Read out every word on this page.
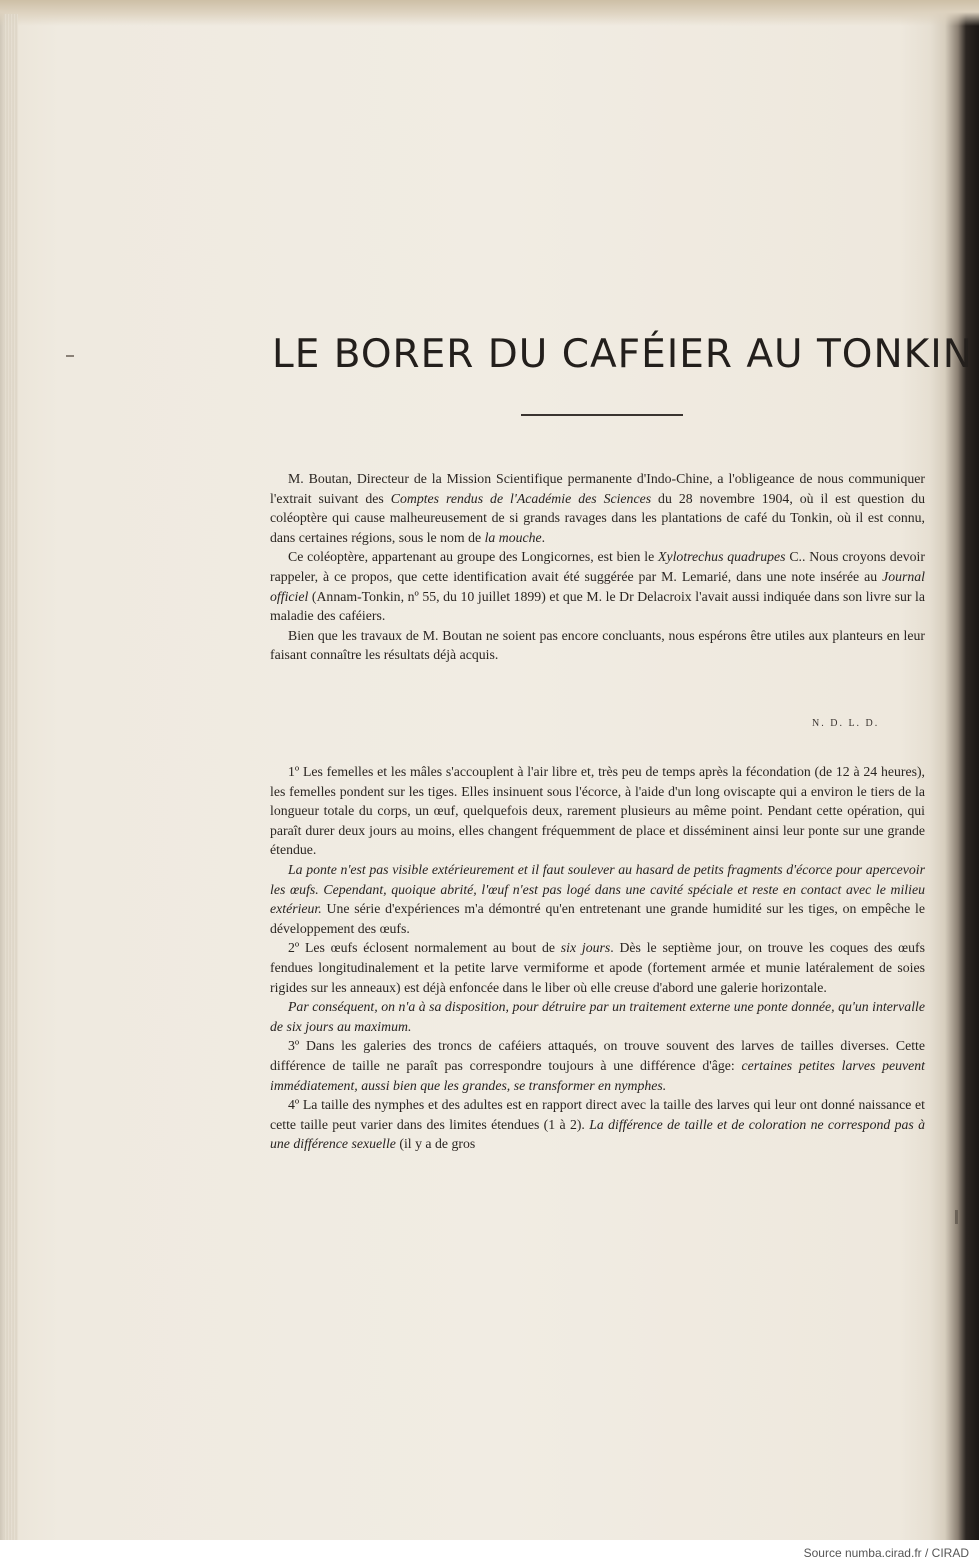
LE BORER DU CAFÉIER AU TONKIN

M. Boutan, Directeur de la Mission Scientifique permanente d'Indo-Chine, a l'obligeance de nous communiquer l'extrait suivant des Comptes rendus de l'Académie des Sciences du 28 novembre 1904, où il est question du coléoptère qui cause malheureusement de si grands ravages dans les plantations de café du Tonkin, où il est connu, dans certaines régions, sous le nom de la mouche.

Ce coléoptère, appartenant au groupe des Longicornes, est bien le Xylotrechus quadrupes C.. Nous croyons devoir rappeler, à ce propos, que cette identification avait été suggérée par M. Lemarié, dans une note insérée au Journal officiel (Annam-Tonkin, nº 55, du 10 juillet 1899) et que M. le Dr Delacroix l'avait aussi indiquée dans son livre sur la maladie des caféiers.

Bien que les travaux de M. Boutan ne soient pas encore concluants, nous espérons être utiles aux planteurs en leur faisant connaître les résultats déjà acquis.

N. D. L. D.

1º Les femelles et les mâles s'accouplent à l'air libre et, très peu de temps après la fécondation (de 12 à 24 heures), les femelles pondent sur les tiges. Elles insinuent sous l'écorce, à l'aide d'un long oviscapte qui a environ le tiers de la longueur totale du corps, un œuf, quelquefois deux, rarement plusieurs au même point. Pendant cette opération, qui paraît durer deux jours au moins, elles changent fréquemment de place et disséminent ainsi leur ponte sur une grande étendue.

La ponte n'est pas visible extérieurement et il faut soulever au hasard de petits fragments d'écorce pour apercevoir les œufs. Cependant, quoique abrité, l'œuf n'est pas logé dans une cavité spéciale et reste en contact avec le milieu extérieur. Une série d'expériences m'a démontré qu'en entretenant une grande humidité sur les tiges, on empêche le développement des œufs.

2º Les œufs éclosent normalement au bout de six jours. Dès le septième jour, on trouve les coques des œufs fendues longitudinalement et la petite larve vermiforme et apode (fortement armée et munie latéralement de soies rigides sur les anneaux) est déjà enfoncée dans le liber où elle creuse d'abord une galerie horizontale.

Par conséquent, on n'a à sa disposition, pour détruire par un traitement externe une ponte donnée, qu'un intervalle de six jours au maximum.

3º Dans les galeries des troncs de caféiers attaqués, on trouve souvent des larves de tailles diverses. Cette différence de taille ne paraît pas correspondre toujours à une différence d'âge: certaines petites larves peuvent immédiatement, aussi bien que les grandes, se transformer en nymphes.

4º La taille des nymphes et des adultes est en rapport direct avec la taille des larves qui leur ont donné naissance et cette taille peut varier dans des limites étendues (1 à 2). La différence de taille et de coloration ne correspond pas à une différence sexuelle (il y a de gros

Source numba.cirad.fr / CIRAD
